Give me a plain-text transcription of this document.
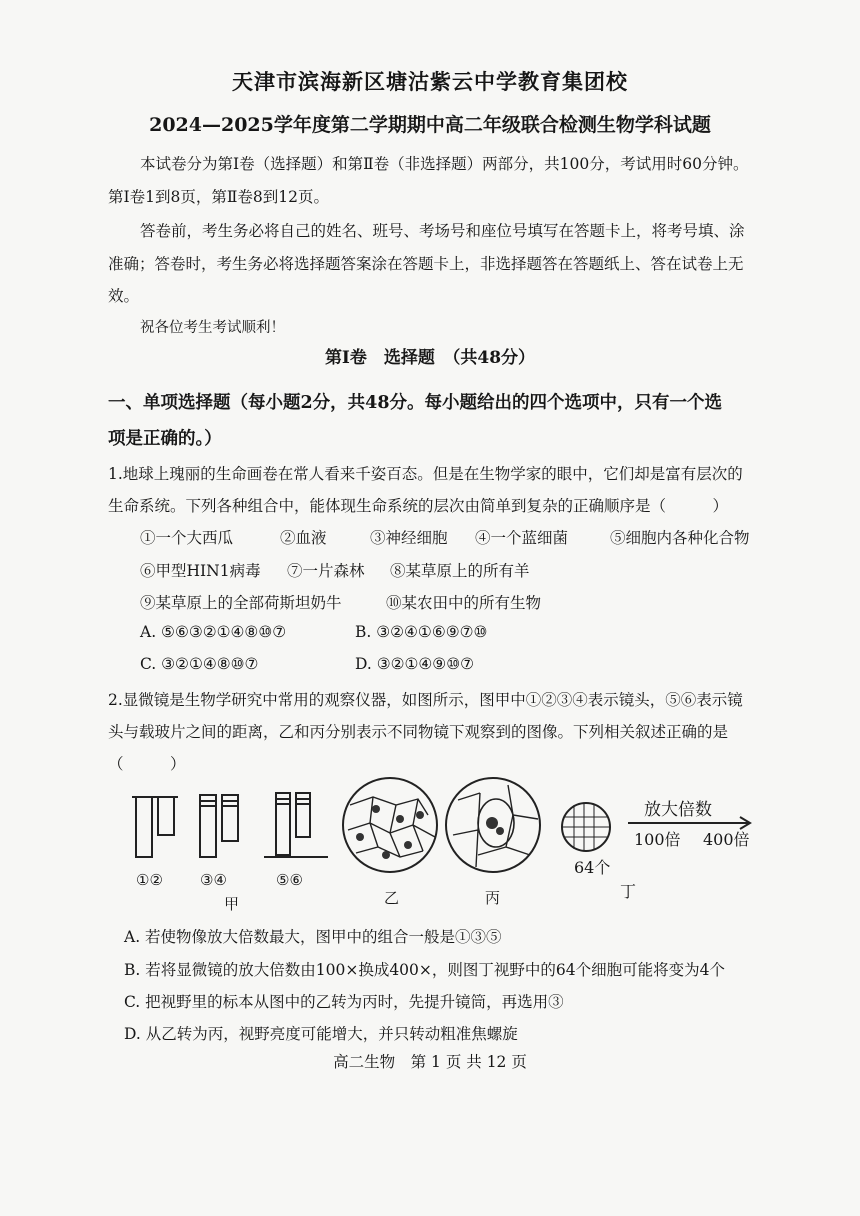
天津市滨海新区塘沽紫云中学教育集团校
2024—2025学年度第二学期期中高二年级联合检测生物学科试题
本试卷分为第Ⅰ卷（选择题）和第Ⅱ卷（非选择题）两部分，共100分，考试用时60分钟。
第Ⅰ卷1到8页，第Ⅱ卷8到12页。
答卷前，考生务必将自己的姓名、班号、考场号和座位号填写在答题卡上，将考号填、涂
准确；答卷时，考生务必将选择题答案涂在答题卡上，非选择题答在答题纸上、答在试卷上无
效。
祝各位考生考试顺利！
第Ⅰ卷　选择题　（共48分）
一、单项选择题（每小题2分，共48分。每小题给出的四个选项中，只有一个选
项是正确的。）
1.地球上瑰丽的生命画卷在常人看来千姿百态。但是在生物学家的眼中，它们却是富有层次的
生命系统。下列各种组合中，能体现生命系统的层次由简单到复杂的正确顺序是（　　　）
①一个大西瓜	②血液	③神经细胞 ④一个蓝细菌	⑤细胞内各种化合物
⑥甲型HIN1病毒 ⑦一片森林 ⑧某草原上的所有羊
⑨某草原上的全部荷斯坦奶牛	⑩某农田中的所有生物
A. ⑤⑥③②①④⑧⑩⑦	B. ③②④①⑥⑨⑦⑩
C. ③②①④⑧⑩⑦	D. ③②①④⑨⑩⑦
2.显微镜是生物学研究中常用的观察仪器，如图所示，图甲中①②③④表示镜头，⑤⑥表示镜
头与载玻片之间的距离，乙和丙分别表示不同物镜下观察到的图像。下列相关叙述正确的是
（　　　）
①② ③④	⑤⑥
甲	乙	丙
放大倍数
100倍 400倍
64个
丁
A. 若使物像放大倍数最大，图甲中的组合一般是①③⑤
B. 若将显微镜的放大倍数由100×换成400×，则图丁视野中的64个细胞可能将变为4个
C. 把视野里的标本从图中的乙转为丙时，先提升镜筒，再选用③
D. 从乙转为丙，视野亮度可能增大，并只转动粗准焦螺旋
高二生物　第 1 页 共 12 页
